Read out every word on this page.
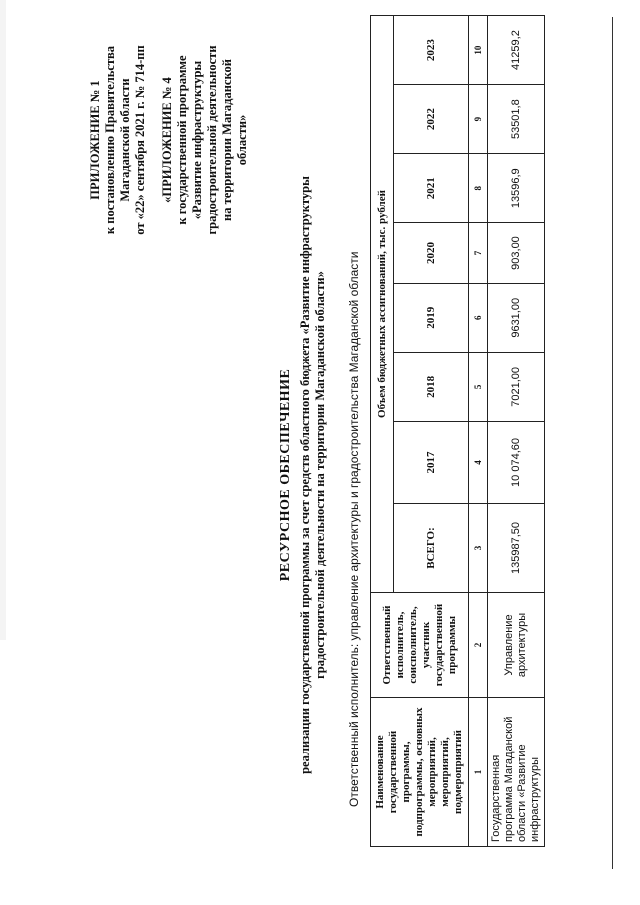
ПРИЛОЖЕНИЕ № 1 к постановлению Правительства Магаданской области от «22» сентября 2021 г. № 714-пп «ПРИЛОЖЕНИЕ № 4 к государственной программе «Развитие инфраструктуры градостроительной деятельности на территории Магаданской области»
РЕСУРСНОЕ ОБЕСПЕЧЕНИЕ реализации государственной программы за счет средств областного бюджета «Развитие инфраструктуры градостроительной деятельности на территории Магаданской области» Ответственный исполнитель: управление архитектуры и градостроительства Магаданской области Наименование государственной программы, подпрограммы, основных мероприятий, мероприятий, подмероприятий	Ответственный исполнитель, соисполнитель, участник государственной программы	Объем бюджетных ассигнований, тыс. рублей							
		ВСЕГО:	2017	2018	2019	2020	2021	2022	2023
1	2	3	4	5	6	7	8	9	10
Государственная программа Магаданской области «Развитие инфраструктуры	Управление архитектуры	135987,50	10 074,60	7021,00	9631,00	903,00	13596,9	53501,8	41259,2
